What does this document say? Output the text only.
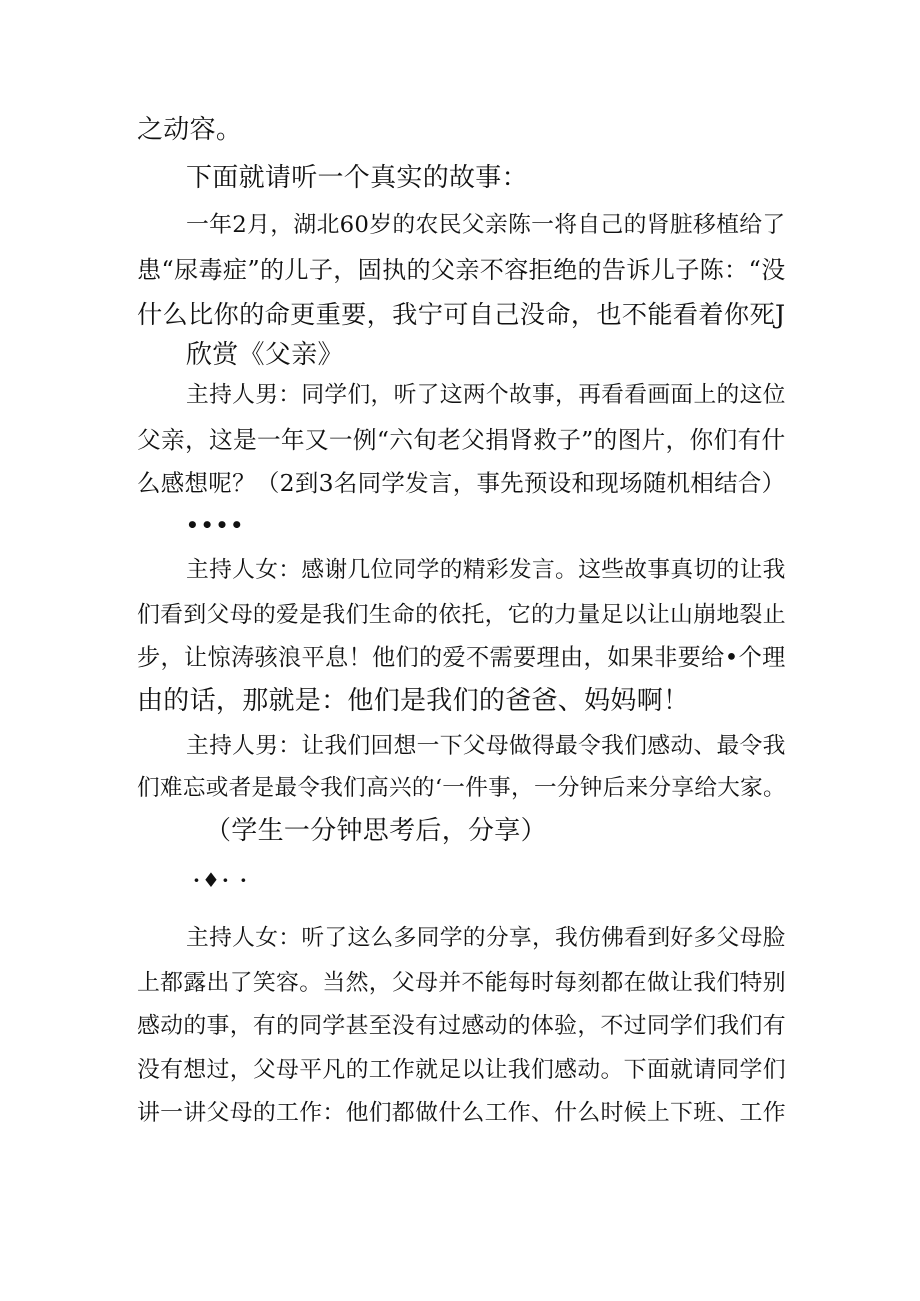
之动容。
下面就请听一个真实的故事：
一年2月，湖北60岁的农民父亲陈一将自己的肾脏移植给了
患“尿毒症”的儿子，固执的父亲不容拒绝的告诉儿子陈：“没
什么比你的命更重要，我宁可自己没命，也不能看着你死J
欣赏《父亲》
主持人男：同学们，听了这两个故事，再看看画面上的这位
父亲，这是一年又一例“六旬老父捐肾救子”的图片，你们有什
么感想呢？（2到3名同学发言，事先预设和现场随机相结合）
••••
主持人女：感谢几位同学的精彩发言。这些故事真切的让我
们看到父母的爱是我们生命的依托，它的力量足以让山崩地裂止
步，让惊涛骇浪平息！他们的爱不需要理由，如果非要给•个理
由的话，那就是：他们是我们的爸爸、妈妈啊！
主持人男：让我们回想一下父母做得最令我们感动、最令我
们难忘或者是最令我们高兴的‘一件事，一分钟后来分享给大家。
（学生一分钟思考后，分享）
·♦· ·
主持人女：听了这么多同学的分享，我仿佛看到好多父母脸
上都露出了笑容。当然，父母并不能每时每刻都在做让我们特别
感动的事，有的同学甚至没有过感动的体验，不过同学们我们有
没有想过，父母平凡的工作就足以让我们感动。下面就请同学们
讲一讲父母的工作：他们都做什么工作、什么时候上下班、工作
